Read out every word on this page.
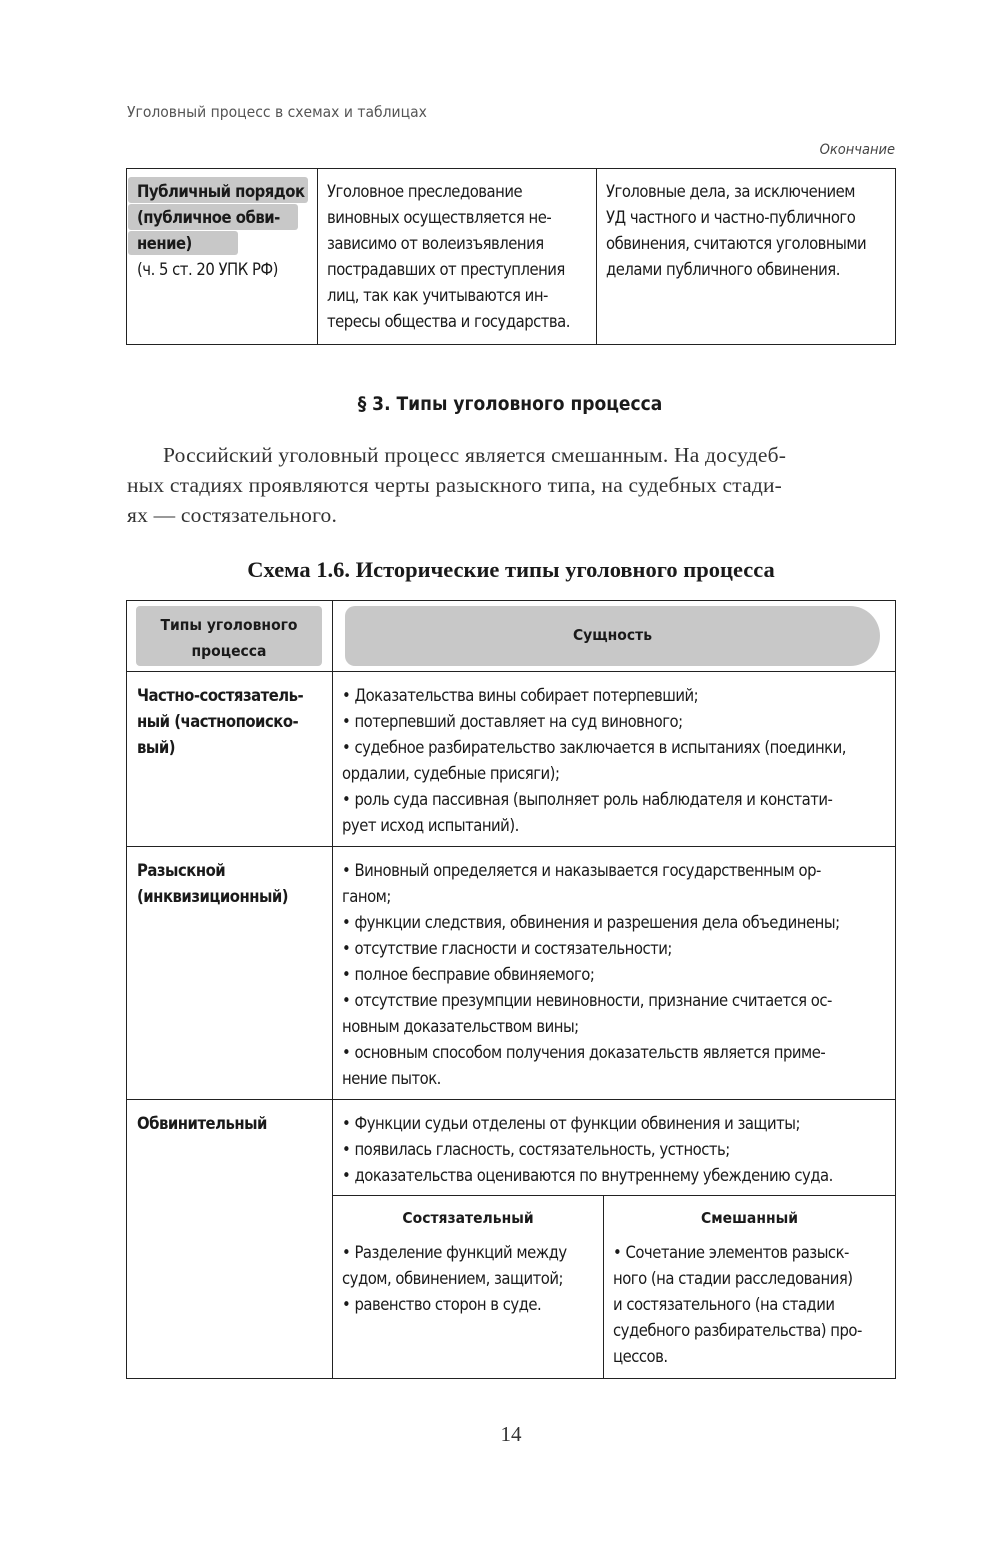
Уголовный процесс в схемах и таблицах
Окончание
Публичный порядок
(публичное обви-
нение)
(ч. 5 ст. 20 УПК РФ)
Уголовное преследование
виновных осуществляется не-
зависимо от волеизъявления
пострадавших от преступления
лиц, так как учитываются ин-
тересы общества и государства.
Уголовные дела, за исключением
УД частного и частно-публичного
обвинения, считаются уголовными
делами публичного обвинения.
§ 3. Типы уголовного процесса
Российский уголовный процесс является смешанным. На досудеб-
ных стадиях проявляются черты разыскного типа, на судебных стади-
ях — состязательного.
Схема 1.6. Исторические типы уголовного процесса
Типы уголовного
процесса
Сущность
Частно-состязатель-
ный (частнопоиско-
вый)
• Доказательства вины собирает потерпевший;
• потерпевший доставляет на суд виновного;
• судебное разбирательство заключается в испытаниях (поединки,
ордалии, судебные присяги);
• роль суда пассивная (выполняет роль наблюдателя и констати-
рует исход испытаний).
Разыскной
(инквизиционный)
• Виновный определяется и наказывается государственным ор-
ганом;
• функции следствия, обвинения и разрешения дела объединены;
• отсутствие гласности и состязательности;
• полное бесправие обвиняемого;
• отсутствие презумпции невиновности, признание считается ос-
новным доказательством вины;
• основным способом получения доказательств является приме-
нение пыток.
Обвинительный	• Функции судьи отделены от функции обвинения и защиты;
• появилась гласность, состязательность, устность;
• доказательства оцениваются по внутреннему убеждению суда.
Состязательный
• Разделение функций между
судом, обвинением, защитой;
• равенство сторон в суде.
Смешанный
• Сочетание элементов разыск-
ного (на стадии расследования)
и состязательного (на стадии
судебного разбирательства) про-
цессов.
14
